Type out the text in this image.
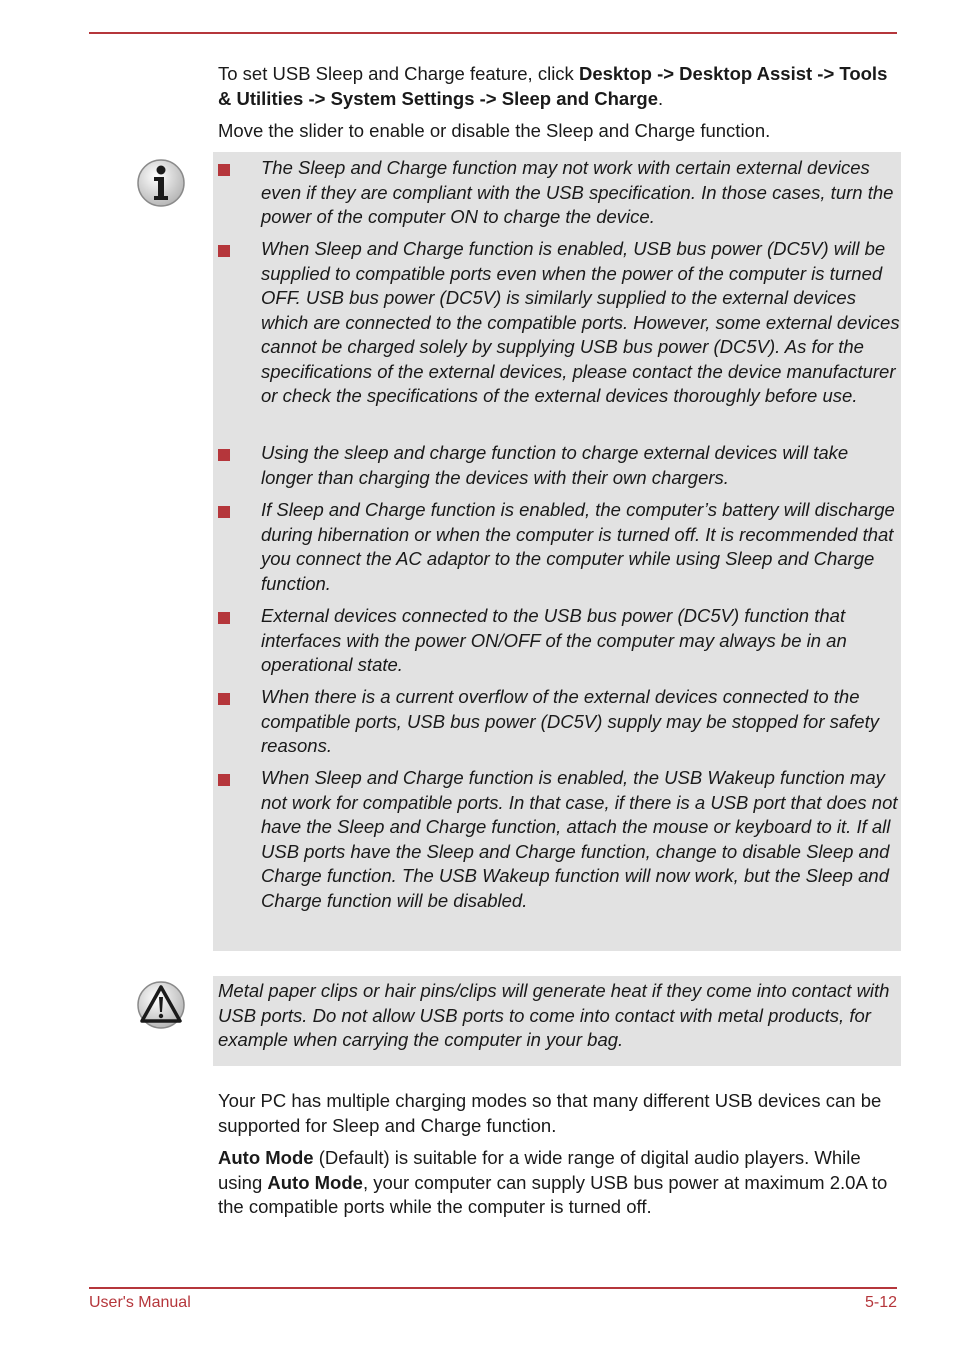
To set USB Sleep and Charge feature, click Desktop -> Desktop Assist -> Tools & Utilities -> System Settings -> Sleep and Charge.

Move the slider to enable or disable the Sleep and Charge function.

The Sleep and Charge function may not work with certain external devices even if they are compliant with the USB specification. In those cases, turn the power of the computer ON to charge the device.

When Sleep and Charge function is enabled, USB bus power (DC5V) will be supplied to compatible ports even when the power of the computer is turned OFF. USB bus power (DC5V) is similarly supplied to the external devices which are connected to the compatible ports. However, some external devices cannot be charged solely by supplying USB bus power (DC5V). As for the specifications of the external devices, please contact the device manufacturer or check the specifications of the external devices thoroughly before use.

Using the sleep and charge function to charge external devices will take longer than charging the devices with their own chargers.

If Sleep and Charge function is enabled, the computer’s battery will discharge during hibernation or when the computer is turned off. It is recommended that you connect the AC adaptor to the computer while using Sleep and Charge function.

External devices connected to the USB bus power (DC5V) function that interfaces with the power ON/OFF of the computer may always be in an operational state.

When there is a current overflow of the external devices connected to the compatible ports, USB bus power (DC5V) supply may be stopped for safety reasons.

When Sleep and Charge function is enabled, the USB Wakeup function may not work for compatible ports. In that case, if there is a USB port that does not have the Sleep and Charge function, attach the mouse or keyboard to it. If all USB ports have the Sleep and Charge function, change to disable Sleep and Charge function. The USB Wakeup function will now work, but the Sleep and Charge function will be disabled.

Metal paper clips or hair pins/clips will generate heat if they come into contact with USB ports. Do not allow USB ports to come into contact with metal products, for example when carrying the computer in your bag.

Your PC has multiple charging modes so that many different USB devices can be supported for Sleep and Charge function.

Auto Mode (Default) is suitable for a wide range of digital audio players. While using Auto Mode, your computer can supply USB bus power at maximum 2.0A to the compatible ports while the computer is turned off.

User's Manual	5-12
